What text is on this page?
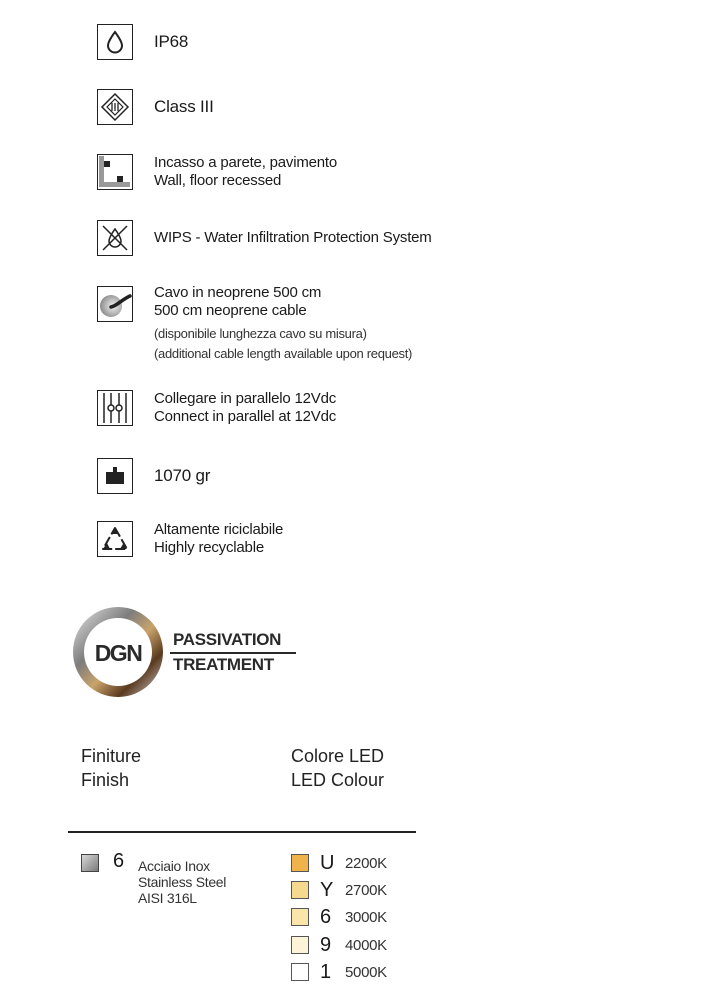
IP68
Class III
Incasso a parete, pavimento
Wall, floor recessed
WIPS - Water Infiltration Protection System
Cavo in neoprene 500 cm
500 cm neoprene cable
(disponibile lunghezza cavo su misura)
(additional cable length available upon request)
Collegare in parallelo 12Vdc
Connect in parallel at 12Vdc
1070 gr
Altamente riciclabile
Highly recyclable
DGN
PASSIVATION
TREATMENT
Finiture
Finish
Colore LED
LED Colour
6 Acciaio Inox
Stainless Steel
AISI 316L
U 2200K
Y 2700K
6 3000K
9 4000K
1 5000K
